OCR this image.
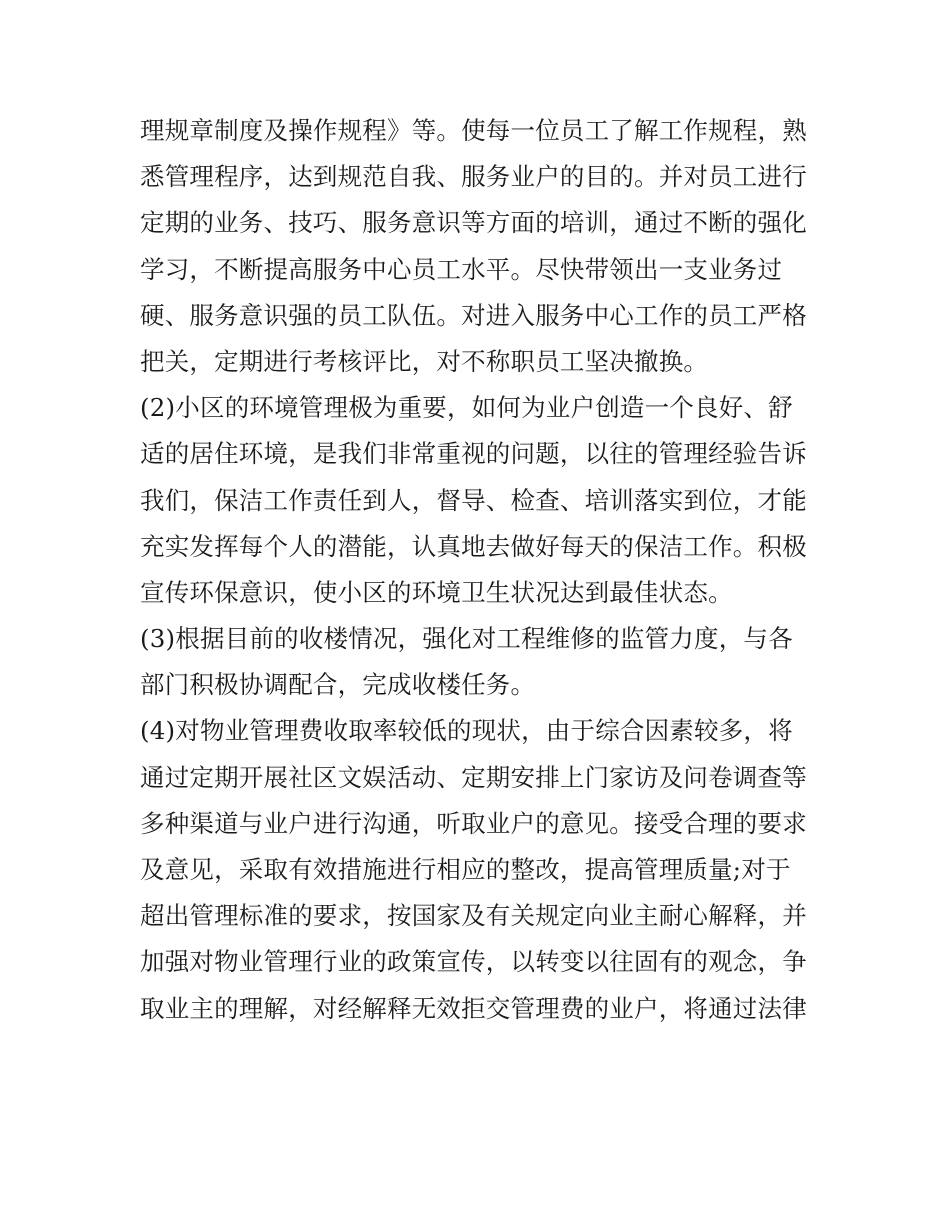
理规章制度及操作规程》等。使每一位员工了解工作规程，熟
悉管理程序，达到规范自我、服务业户的目的。并对员工进行
定期的业务、技巧、服务意识等方面的培训，通过不断的强化
学习，不断提高服务中心员工水平。尽快带领出一支业务过
硬、服务意识强的员工队伍。对进入服务中心工作的员工严格
把关，定期进行考核评比，对不称职员工坚决撤换。
(2)小区的环境管理极为重要，如何为业户创造一个良好、舒
适的居住环境，是我们非常重视的问题，以往的管理经验告诉
我们，保洁工作责任到人，督导、检查、培训落实到位，才能
充实发挥每个人的潜能，认真地去做好每天的保洁工作。积极
宣传环保意识，使小区的环境卫生状况达到最佳状态。
(3)根据目前的收楼情况，强化对工程维修的监管力度，与各
部门积极协调配合，完成收楼任务。
(4)对物业管理费收取率较低的现状，由于综合因素较多，将
通过定期开展社区文娱活动、定期安排上门家访及问卷调查等
多种渠道与业户进行沟通，听取业户的意见。接受合理的要求
及意见，采取有效措施进行相应的整改，提高管理质量;对于
超出管理标准的要求，按国家及有关规定向业主耐心解释，并
加强对物业管理行业的政策宣传，以转变以往固有的观念，争
取业主的理解，对经解释无效拒交管理费的业户，将通过法律
